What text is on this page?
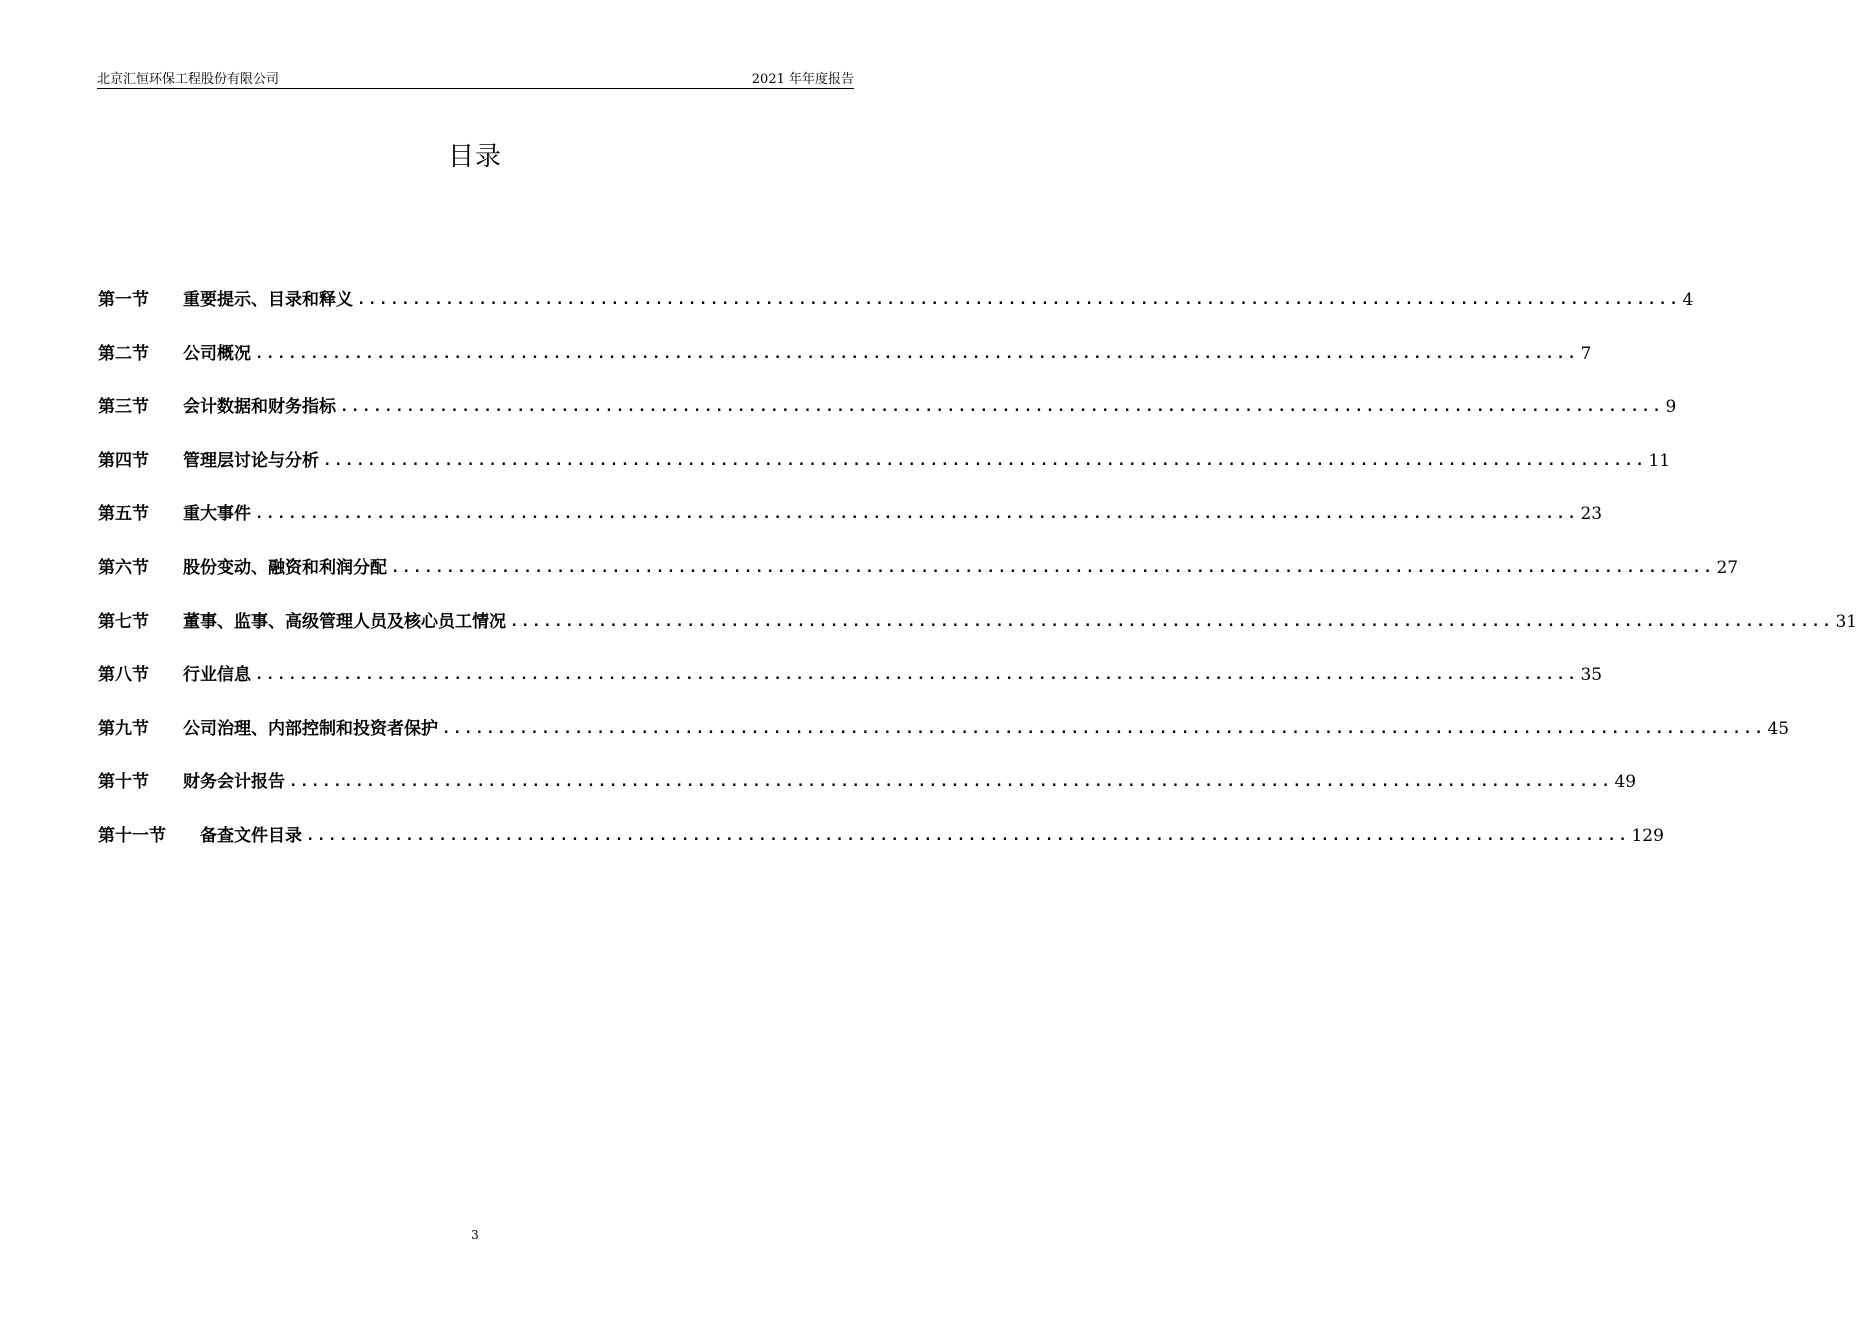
北京汇恒环保工程股份有限公司	2021 年年度报告
目录
第一节	重要提示、目录和释义 ........................................................................................................................ 4
第二节	公司概况 ........................................................................................................................ 7
第三节	会计数据和财务指标 ........................................................................................................................ 9
第四节	管理层讨论与分析 ........................................................................................................................ 11
第五节	重大事件 ........................................................................................................................ 23
第六节	股份变动、融资和利润分配 ........................................................................................................................ 27
第七节	董事、监事、高级管理人员及核心员工情况 ........................................................................................................................ 31
第八节	行业信息 ........................................................................................................................ 35
第九节	公司治理、内部控制和投资者保护 ........................................................................................................................ 45
第十节	财务会计报告 ........................................................................................................................ 49
第十一节	备查文件目录 ........................................................................................................................ 129
3
